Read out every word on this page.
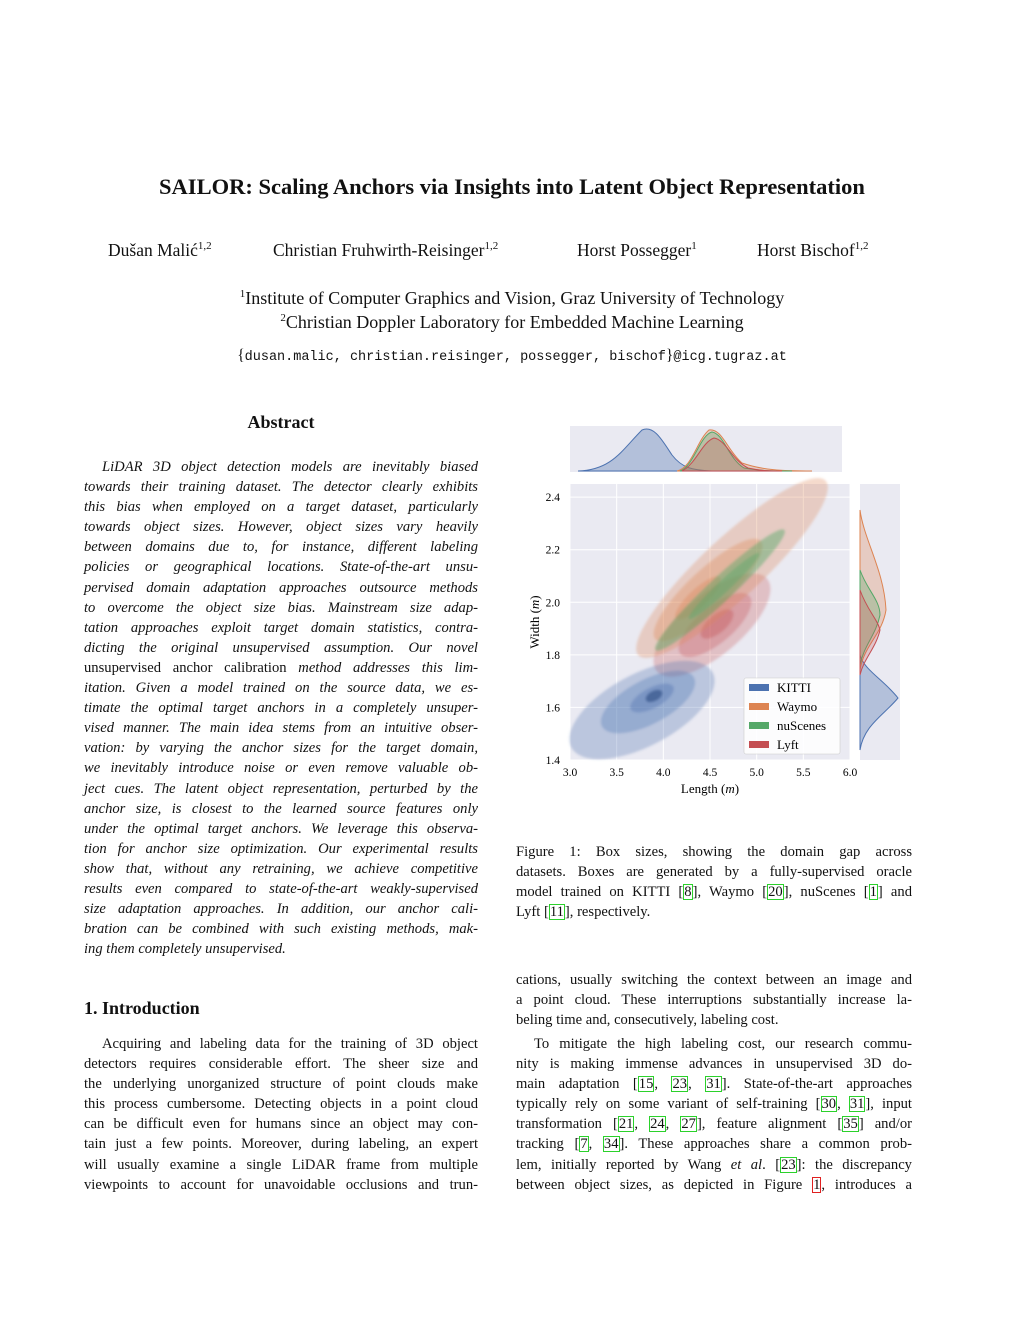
SAILOR: Scaling Anchors via Insights into Latent Object Representation
Dušan Malić$^{1,2}$	Christian Fruhwirth-Reisinger$^{1,2}$	Horst Possegger$^1$	Horst Bischof$^{1,2}$
$^1$Institute of Computer Graphics and Vision, Graz University of Technology
$^2$Christian Doppler Laboratory for Embedded Machine Learning
{dusan.malic, christian.reisinger, possegger, bischof}@icg.tugraz.at
Abstract
LiDAR 3D object detection models are inevitably biased
towards their training dataset. The detector clearly exhibits
this bias when employed on a target dataset, particularly
towards object sizes. However, object sizes vary heavily
between domains due to, for instance, different labeling
policies or geographical locations. State-of-the-art unsu-
pervised domain adaptation approaches outsource methods
to overcome the object size bias. Mainstream size adap-
tation approaches exploit target domain statistics, contra-
dicting the original unsupervised assumption. Our novel
unsupervised anchor calibration method addresses this lim-
itation. Given a model trained on the source data, we es-
timate the optimal target anchors in a completely unsuper-
vised manner. The main idea stems from an intuitive obser-
vation: by varying the anchor sizes for the target domain,
we inevitably introduce noise or even remove valuable ob-
ject cues. The latent object representation, perturbed by the
anchor size, is closest to the learned source features only
under the optimal target anchors. We leverage this observa-
tion for anchor size optimization. Our experimental results
show that, without any retraining, we achieve competitive
results even compared to state-of-the-art weakly-supervised
size adaptation approaches. In addition, our anchor cali-
bration can be combined with such existing methods, mak-
ing them completely unsupervised.
1. Introduction
Acquiring and labeling data for the training of 3D object
detectors requires considerable effort. The sheer size and
the underlying unorganized structure of point clouds make
this process cumbersome. Detecting objects in a point cloud
can be difficult even for humans since an object may con-
tain just a few points. Moreover, during labeling, an expert
will usually examine a single LiDAR frame from multiple
viewpoints to account for unavoidable occlusions and trun-
3.0	3.5	4.0	4.5	5.0	5.5	6.0
1.4
1.6
1.8
2.0
2.2
2.4
Length (m)
Width (m)
KITTI
Waymo
nuScenes
Lyft
Figure 1: Box sizes, showing the domain gap across
datasets. Boxes are generated by a fully-supervised oracle
model trained on KITTI [8], Waymo [20], nuScenes [1] and
Lyft [11], respectively.
cations, usually switching the context between an image and
a point cloud. These interruptions substantially increase la-
beling time and, consecutively, labeling cost.
To mitigate the high labeling cost, our research commu-
nity is making immense advances in unsupervised 3D do-
main adaptation [15, 23, 31]. State-of-the-art approaches
typically rely on some variant of self-training [30, 31], input
transformation [21, 24, 27], feature alignment [35] and/or
tracking [7, 34]. These approaches share a common prob-
lem, initially reported by Wang et al. [23]: the discrepancy
between object sizes, as depicted in Figure 1, introduces a
